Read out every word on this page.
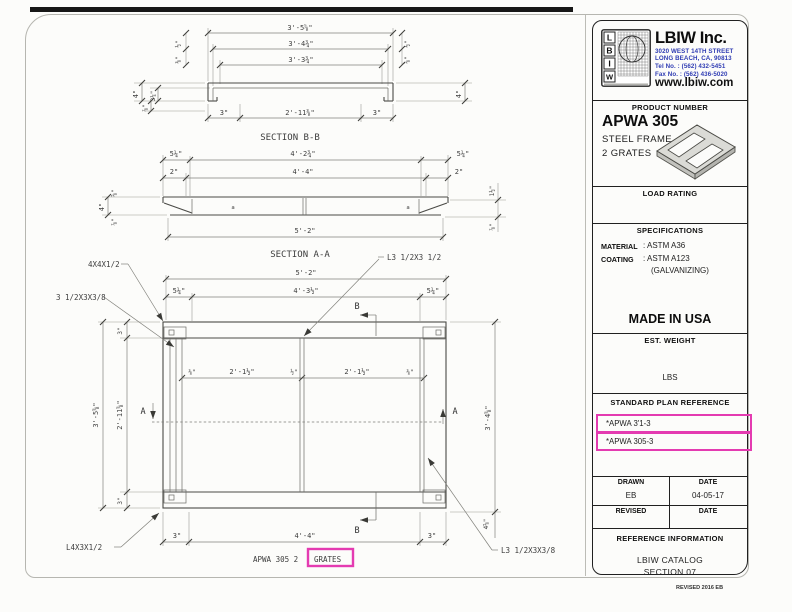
3'-5⅝"
3'-4¾"
3'-3¾"
½"
⅜"
½"
⅝"
3"	2'-11⅜"	3"
4" 3¼"
⅞"
4"
SECTION B-B
5¼"	4'-2¾"	5¼"
2"	4'-4"	2"
5'-2"
4"
⅝"
⅞"
1½"
⅞"
a	a
SECTION A-A
B
B
A	A
5'-2"
5¼"	4'-3½"	5¼"
⅜"	2'-1½"	½"	2'-1½"	⅜"
3'-5⅝" 2'-11⅝"
3"
3"
3'-4⅝"
4⅝"
3"	4'-4"	3"
APWA 305 2 GRATES
4X4X1/2
3 1/2X3X3/8
L3 1/2X3 1/2
L4X3X1/2	L3 1/2X3X3/8
L
B
I
W
LBIW Inc.
3020 WEST 14TH STREET
LONG BEACH, CA, 90813
Tel No. : (562) 432-5451
Fax No. : (562) 436-5020
www.lbiw.com
PRODUCT NUMBER
APWA 305
STEEL FRAME
2 GRATES
LOAD RATING
SPECIFICATIONS
MATERIAL : ASTM A36
COATING : ASTM A123
(GALVANIZING)
MADE IN USA
EST. WEIGHT
LBS
STANDARD PLAN REFERENCE
*APWA 3'1-3
*APWA 305-3
DRAWN	DATE
EB	04-05-17
REVISED	DATE
REFERENCE INFORMATION
LBIW CATALOG
SECTION 07
REVISED 2016 EB
